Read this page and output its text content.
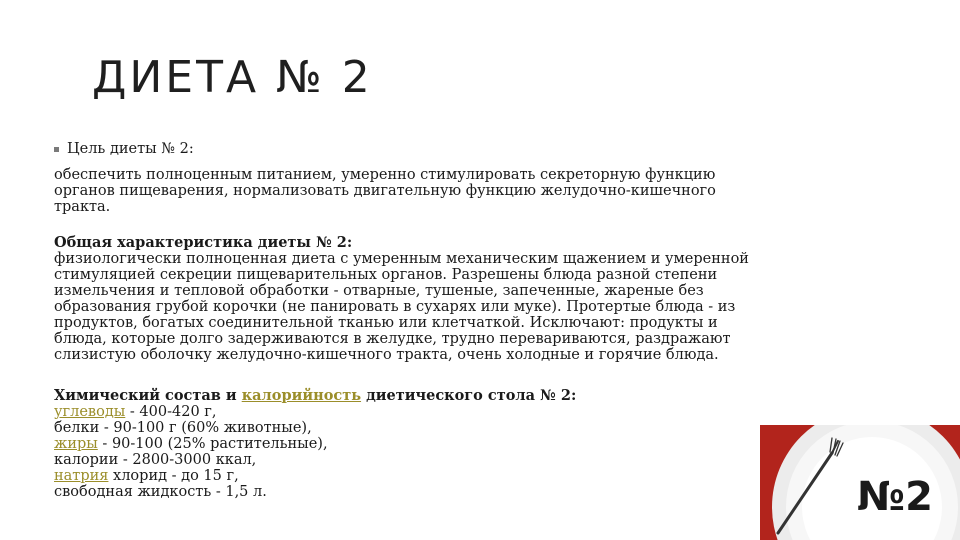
ДИЕТА № 2
Цель диеты № 2:
обеспечить полноценным питанием, умеренно стимулировать секреторную функцию
органов пищеварения, нормализовать двигательную функцию желудочно-кишечного
тракта.
Общая характеристика диеты № 2:
физиологически полноценная диета с умеренным механическим щажением и умеренной
стимуляцией секреции пищеварительных органов. Разрешены блюда разной степени
измельчения и тепловой обработки - отварные, тушеные, запеченные, жареные без
образования грубой корочки (не панировать в сухарях или муке). Протертые блюда - из
продуктов, богатых соединительной тканью или клетчаткой. Исключают: продукты и
блюда, которые долго задерживаются в желудке, трудно перевариваются, раздражают
слизистую оболочку желудочно-кишечного тракта, очень холодные и горячие блюда.
Химический состав и калорийность диетического стола № 2:
углеводы - 400-420 г,
белки - 90-100 г (60% животные),
жиры - 90-100 (25% растительные),
калории - 2800-3000 ккал,
натрия хлорид - до 15 г,
свободная жидкость - 1,5 л.	№2
